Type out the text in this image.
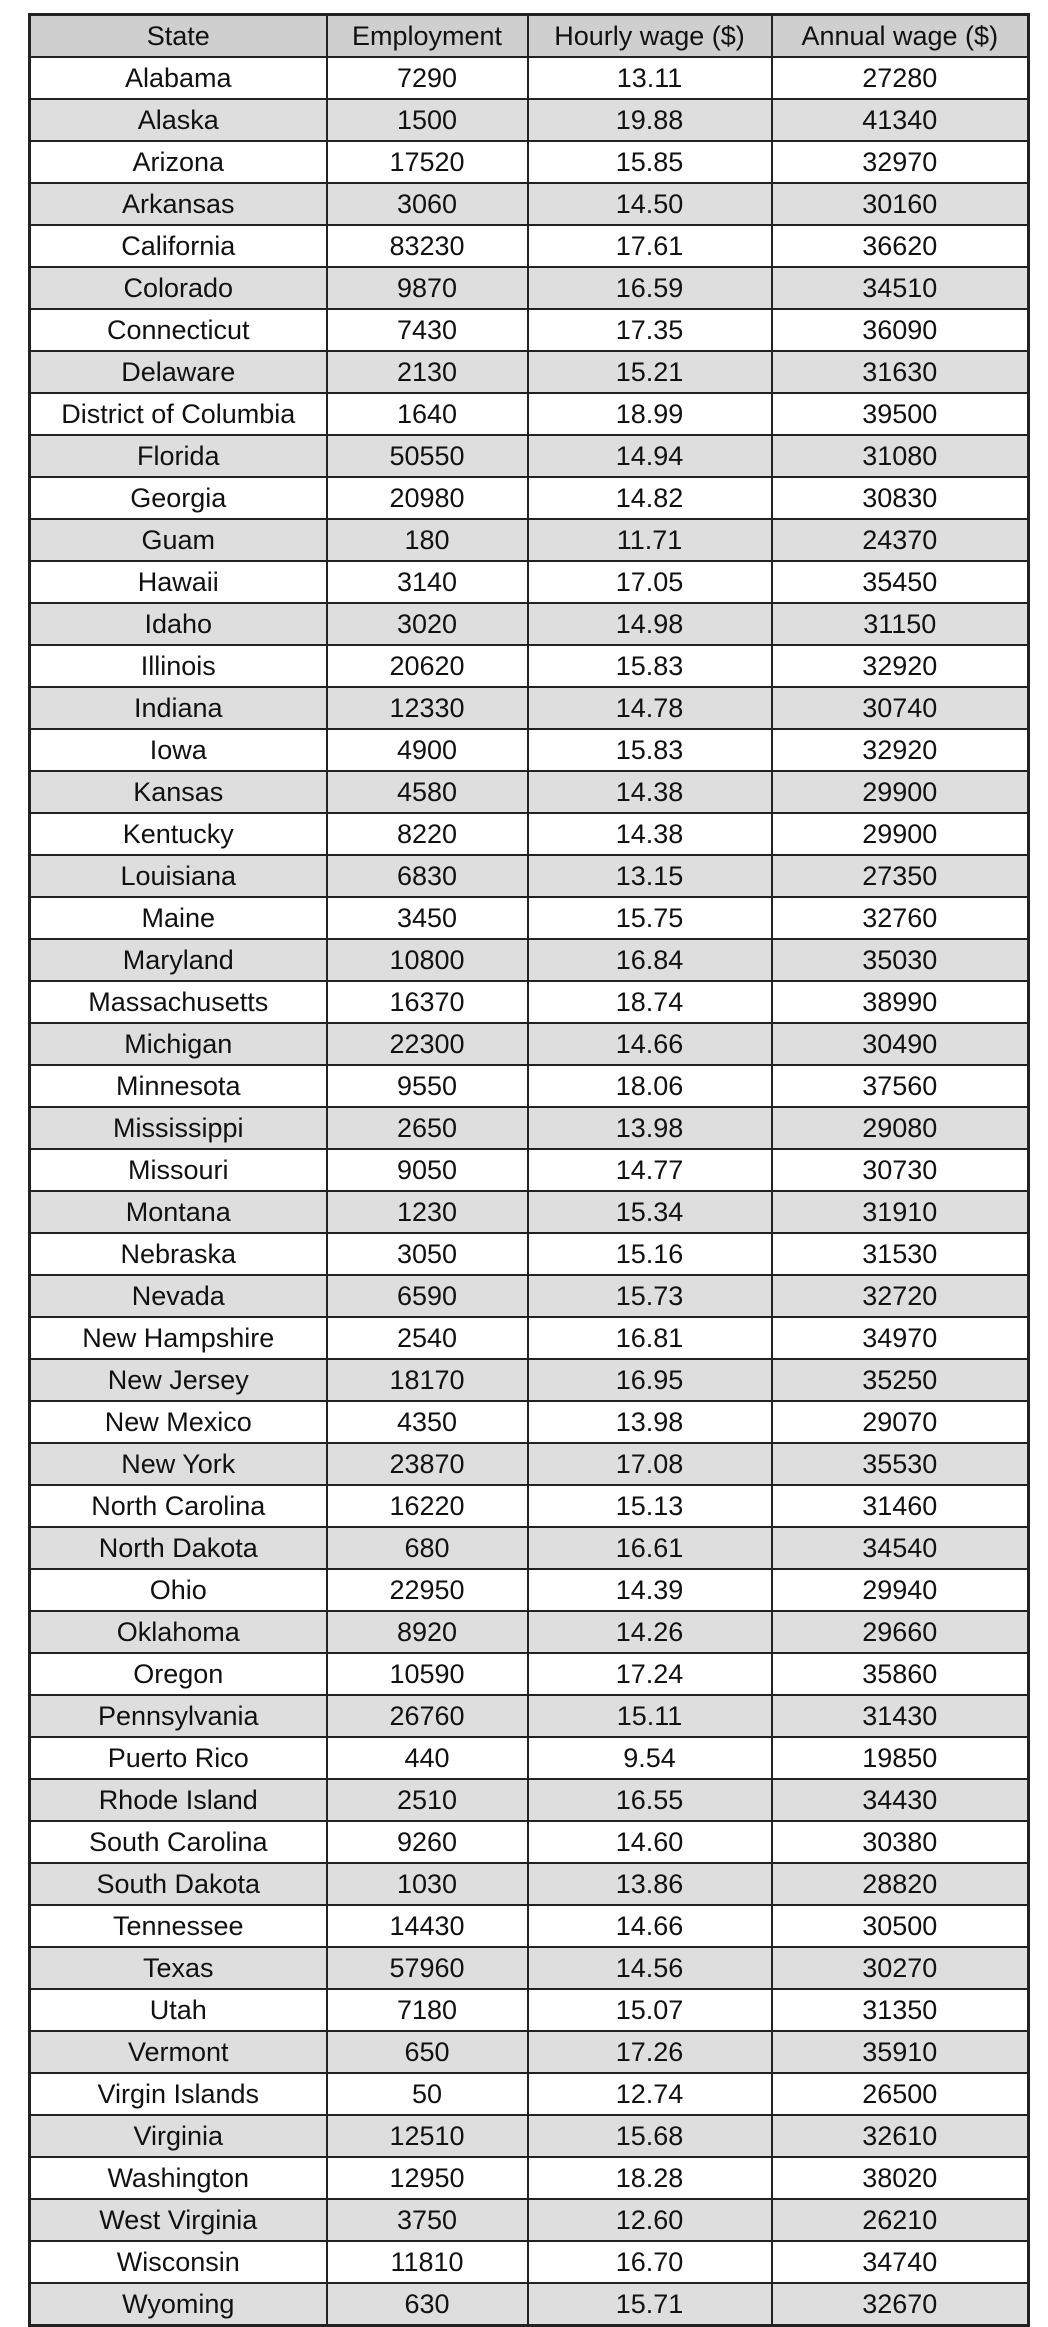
State	Employment	Hourly wage ($)	Annual wage ($)
Alabama	7290	13.11	27280
Alaska	1500	19.88	41340
Arizona	17520	15.85	32970
Arkansas	3060	14.50	30160
California	83230	17.61	36620
Colorado	9870	16.59	34510
Connecticut	7430	17.35	36090
Delaware	2130	15.21	31630
District of Columbia	1640	18.99	39500
Florida	50550	14.94	31080
Georgia	20980	14.82	30830
Guam	180	11.71	24370
Hawaii	3140	17.05	35450
Idaho	3020	14.98	31150
Illinois	20620	15.83	32920
Indiana	12330	14.78	30740
Iowa	4900	15.83	32920
Kansas	4580	14.38	29900
Kentucky	8220	14.38	29900
Louisiana	6830	13.15	27350
Maine	3450	15.75	32760
Maryland	10800	16.84	35030
Massachusetts	16370	18.74	38990
Michigan	22300	14.66	30490
Minnesota	9550	18.06	37560
Mississippi	2650	13.98	29080
Missouri	9050	14.77	30730
Montana	1230	15.34	31910
Nebraska	3050	15.16	31530
Nevada	6590	15.73	32720
New Hampshire	2540	16.81	34970
New Jersey	18170	16.95	35250
New Mexico	4350	13.98	29070
New York	23870	17.08	35530
North Carolina	16220	15.13	31460
North Dakota	680	16.61	34540
Ohio	22950	14.39	29940
Oklahoma	8920	14.26	29660
Oregon	10590	17.24	35860
Pennsylvania	26760	15.11	31430
Puerto Rico	440	9.54	19850
Rhode Island	2510	16.55	34430
South Carolina	9260	14.60	30380
South Dakota	1030	13.86	28820
Tennessee	14430	14.66	30500
Texas	57960	14.56	30270
Utah	7180	15.07	31350
Vermont	650	17.26	35910
Virgin Islands	50	12.74	26500
Virginia	12510	15.68	32610
Washington	12950	18.28	38020
West Virginia	3750	12.60	26210
Wisconsin	11810	16.70	34740
Wyoming	630	15.71	32670
